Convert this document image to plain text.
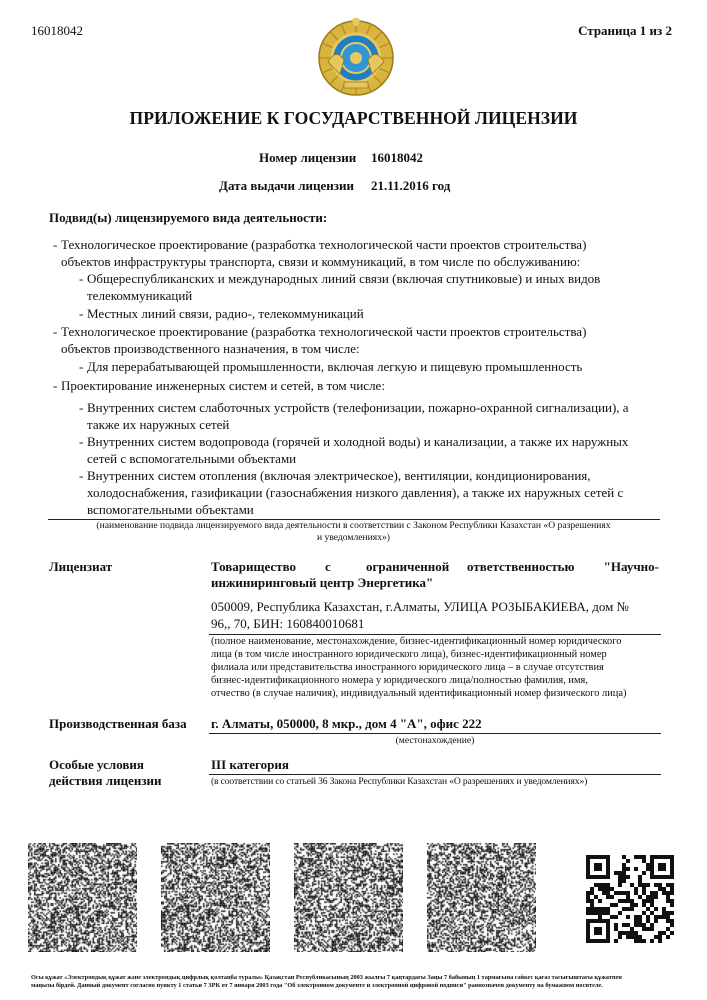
16018042	Страница 1 из 2
ПРИЛОЖЕНИЕ К ГОСУДАРСТВЕННОЙ ЛИЦЕНЗИИ
Номер лицензии 16018042
Дата выдачи лицензии 21.11.2016 год
Подвид(ы) лицензируемого вида деятельности:
- Технологическое проектирование (разработка технологической части проектов строительства)
объектов инфраструктуры транспорта, связи и коммуникаций, в том числе по обслуживанию:
- Общереспубликанских и международных линий связи (включая спутниковые) и иных видов
телекоммуникаций
- Местных линий связи, радио-, телекоммуникаций
- Технологическое проектирование (разработка технологической части проектов строительства)
объектов производственного назначения, в том числе:
- Для перерабатывающей промышленности, включая легкую и пищевую промышленность
- Проектирование инженерных систем и сетей, в том числе:
- Внутренних систем слаботочных устройств (телефонизации, пожарно-охранной сигнализации), а
также их наружных сетей
- Внутренних систем водопровода (горячей и холодной воды) и канализации, а также их наружных
сетей с вспомогательными объектами
- Внутренних систем отопления (включая электрическое), вентиляции, кондиционирования,
холодоснабжения, газификации (газоснабжения низкого давления), а также их наружных сетей с
вспомогательными объектами
(наименование подвида лицензируемого вида деятельности в соответствии с Законом Республики Казахстан «О разрешениях
и уведомлениях»)
Лицензиат	Товарищество с	ограниченной ответственностью "Научно-
инжиниринговый центр Энергетика"
050009, Республика Казахстан, г.Алматы, УЛИЦА РОЗЫБАКИЕВА, дом №
96,, 70, БИН: 160840010681
(полное наименование, местонахождение, бизнес-идентификационный номер юридического
лица (в том числе иностранного юридического лица), бизнес-идентификационный номер
филиала или представительства иностранного юридического лица – в случае отсутствия
бизнес-идентификационного номера у юридического лица/полностью фамилия, имя,
отчество (в случае наличия), индивидуальный идентификационный номер физического лица)
Производственная база г. Алматы, 050000, 8 мкр., дом 4 "А", офис 222
(местонахождение)
Особые условия
действия лицензии
III категория
(в соответствии со статьей 36 Закона Республики Казахстан «О разрешениях и уведомлениях»)
Осы құжат «Электрондық құжат және электрондық цифрлық қолтаңба туралы» Қазақстан Республикасының 2003 жылғы 7 қаңтардағы Заңы 7 бабының 1 тармағына сәйкес қағаз тасығыштағы құжатпен
маңызы бірдей. Данный документ согласно пункту 1 статьи 7 ЗРК от 7 января 2003 года "Об электронном документе и электронной цифровой подписи" равнозначен документу на бумажном носителе.
